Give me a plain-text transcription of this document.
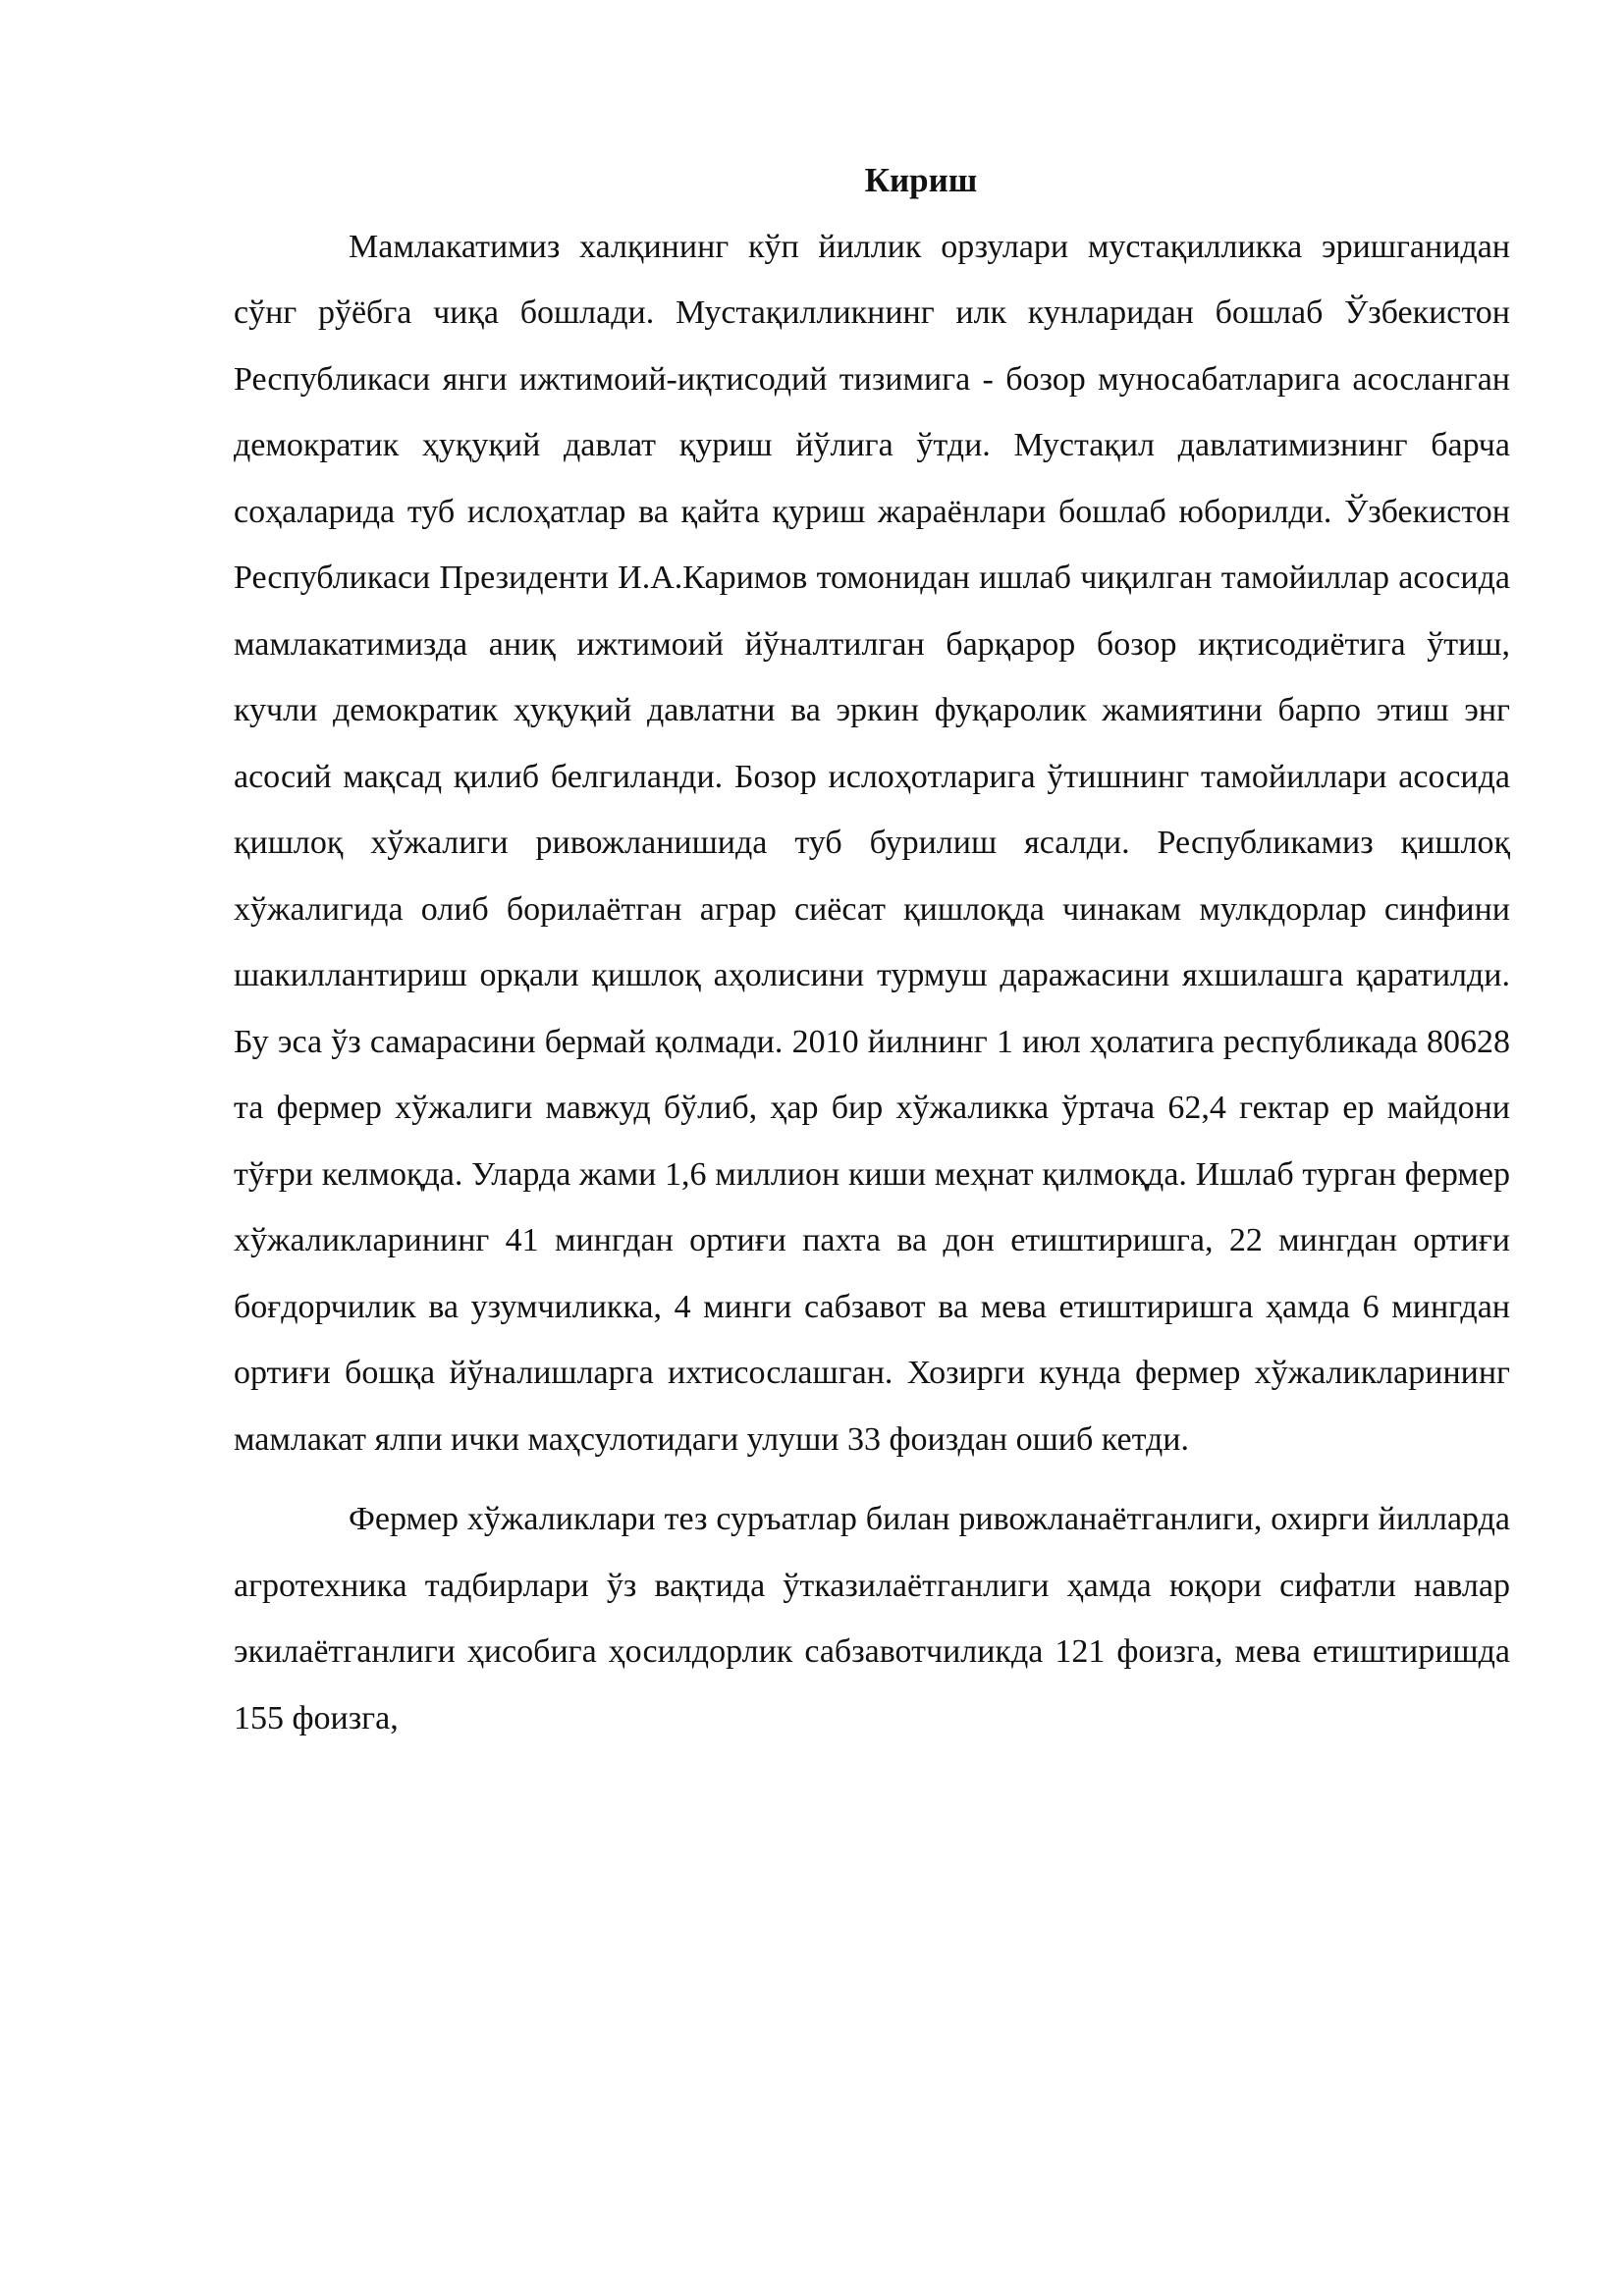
Кириш

Мамлакатимиз халқининг кўп йиллик орзулари мустақилликка эришганидан сўнг рўёбга чиқа бошлади. Мустақилликнинг илк кунларидан бошлаб Ўзбекистон Республикаси янги ижтимоий-иқтисодий тизимига - бозор муносабатларига асосланган демократик ҳуқуқий давлат қуриш йўлига ўтди. Мустақил давлатимизнинг барча соҳаларида туб ислоҳатлар ва қайта қуриш жараёнлари бошлаб юборилди. Ўзбекистон Республикаси Президенти И.А.Каримов томонидан ишлаб чиқилган тамойиллар асосида мамлакатимизда аниқ ижтимоий йўналтилган барқарор бозор иқтисодиётига ўтиш, кучли демократик ҳуқуқий давлатни ва эркин фуқаролик жамиятини барпо этиш энг асосий мақсад қилиб белгиланди. Бозор ислоҳотларига ўтишнинг тамойиллари асосида қишлоқ хўжалиги ривожланишида туб бурилиш ясалди. Республикамиз қишлоқ хўжалигида олиб борилаётган аграр сиёсат қишлоқда чинакам мулкдорлар синфини шакиллантириш орқали қишлоқ аҳолисини турмуш даражасини яхшилашга қаратилди. Бу эса ўз самарасини бермай қолмади. 2010 йилнинг 1 июл ҳолатига республикада 80628 та фермер хўжалиги мавжуд бўлиб, ҳар бир хўжаликка ўртача 62,4 гектар ер майдони тўғри келмоқда. Уларда жами 1,6 миллион киши меҳнат қилмоқда. Ишлаб турган фермер хўжаликларининг 41 мингдан ортиғи пахта ва дон етиштиришга, 22 мингдан ортиғи боғдорчилик ва узумчиликка, 4 минги сабзавот ва мева етиштиришга ҳамда 6 мингдан ортиғи бошқа йўналишларга ихтисослашган. Хозирги кунда фермер хўжаликларининг мамлакат ялпи ички маҳсулотидаги улуши 33 фоиздан ошиб кетди.

Фермер хўжаликлари тез суръатлар билан ривожланаётганлиги, охирги йилларда агротехника тадбирлари ўз вақтида ўтказилаётганлиги ҳамда юқори сифатли навлар экилаётганлиги ҳисобига ҳосилдорлик сабзавотчиликда 121 фоизга, мева етиштиришда 155 фоизга,
